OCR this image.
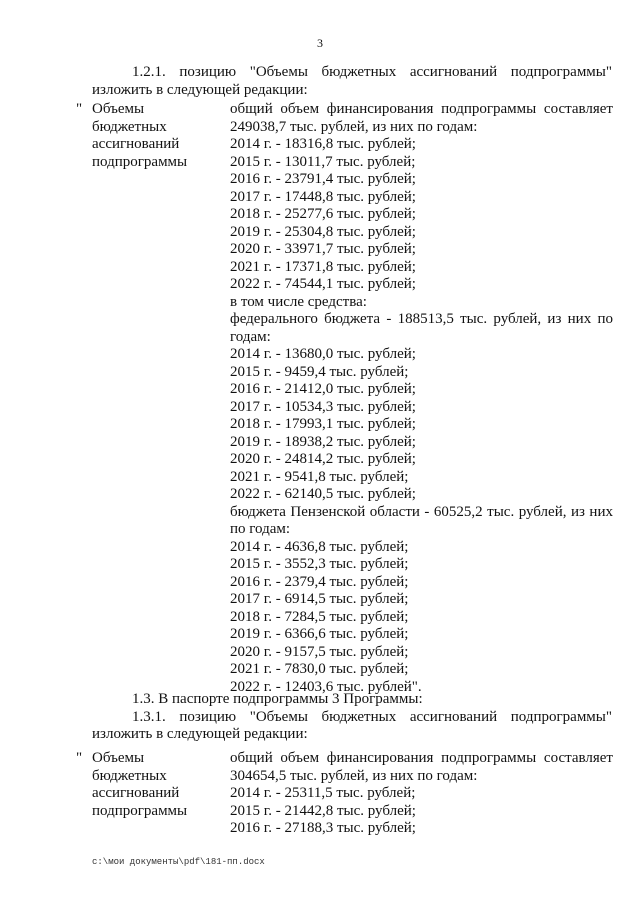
3
1.2.1. позицию "Объемы бюджетных ассигнований подпрограммы"
изложить в следующей редакции:
" Объемы
бюджетных
ассигнований
подпрограммы
общий объем финансирования подпрограммы составляет
249038,7 тыс. рублей, из них по годам:
2014 г. - 18316,8 тыс. рублей;
2015 г. - 13011,7 тыс. рублей;
2016 г. - 23791,4 тыс. рублей;
2017 г. - 17448,8 тыс. рублей;
2018 г. - 25277,6 тыс. рублей;
2019 г. - 25304,8 тыс. рублей;
2020 г. - 33971,7 тыс. рублей;
2021 г. - 17371,8 тыс. рублей;
2022 г. - 74544,1 тыс. рублей;
в том числе средства:
федерального бюджета - 188513,5 тыс. рублей, из них по
годам:
2014 г. - 13680,0 тыс. рублей;
2015 г. - 9459,4 тыс. рублей;
2016 г. - 21412,0 тыс. рублей;
2017 г. - 10534,3 тыс. рублей;
2018 г. - 17993,1 тыс. рублей;
2019 г. - 18938,2 тыс. рублей;
2020 г. - 24814,2 тыс. рублей;
2021 г. - 9541,8 тыс. рублей;
2022 г. - 62140,5 тыс. рублей;
бюджета Пензенской области - 60525,2 тыс. рублей, из них
по годам:
2014 г. - 4636,8 тыс. рублей;
2015 г. - 3552,3 тыс. рублей;
2016 г. - 2379,4 тыс. рублей;
2017 г. - 6914,5 тыс. рублей;
2018 г. - 7284,5 тыс. рублей;
2019 г. - 6366,6 тыс. рублей;
2020 г. - 9157,5 тыс. рублей;
2021 г. - 7830,0 тыс. рублей;
2022 г. - 12403,6 тыс. рублей".
1.3. В паспорте подпрограммы 3 Программы:
1.3.1. позицию "Объемы бюджетных ассигнований подпрограммы"
изложить в следующей редакции:
" Объемы
бюджетных
ассигнований
подпрограммы
общий объем финансирования подпрограммы составляет
304654,5 тыс. рублей, из них по годам:
2014 г. - 25311,5 тыс. рублей;
2015 г. - 21442,8 тыс. рублей;
2016 г. - 27188,3 тыс. рублей;
c:\мои документы\pdf\181-пп.docx
